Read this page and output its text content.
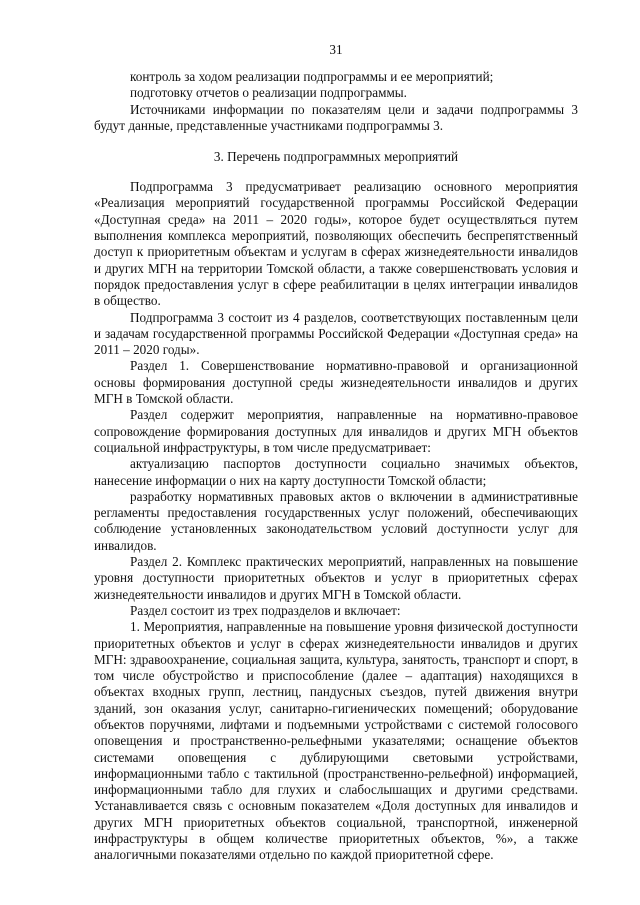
31

контроль за ходом реализации подпрограммы и ее мероприятий;

подготовку отчетов о реализации подпрограммы.

Источниками информации по показателям цели и задачи подпрограммы 3 будут данные, представленные участниками подпрограммы 3.

3. Перечень подпрограммных мероприятий

Подпрограмма 3 предусматривает реализацию основного мероприятия «Реализация мероприятий государственной программы Российской Федерации «Доступная среда» на 2011 – 2020 годы», которое будет осуществляться путем выполнения комплекса мероприятий, позволяющих обеспечить беспрепятственный доступ к приоритетным объектам и услугам в сферах жизнедеятельности инвалидов и других МГН на территории Томской области, а также совершенствовать условия и порядок предоставления услуг в сфере реабилитации в целях интеграции инвалидов в общество.

Подпрограмма 3 состоит из 4 разделов, соответствующих поставленным цели и задачам государственной программы Российской Федерации «Доступная среда» на 2011 – 2020 годы».

Раздел 1. Совершенствование нормативно-правовой и организационной основы формирования доступной среды жизнедеятельности инвалидов и других МГН в Томской области.

Раздел содержит мероприятия, направленные на нормативно-правовое сопровождение формирования доступных для инвалидов и других МГН объектов социальной инфраструктуры, в том числе предусматривает:

актуализацию паспортов доступности социально значимых объектов, нанесение информации о них на карту доступности Томской области;

разработку нормативных правовых актов о включении в административные регламенты предоставления государственных услуг положений, обеспечивающих соблюдение установленных законодательством условий доступности услуг для инвалидов.

Раздел 2. Комплекс практических мероприятий, направленных на повышение уровня доступности приоритетных объектов и услуг в приоритетных сферах жизнедеятельности инвалидов и других МГН в Томской области.

Раздел состоит из трех подразделов и включает:

1. Мероприятия, направленные на повышение уровня физической доступности приоритетных объектов и услуг в сферах жизнедеятельности инвалидов и других МГН: здравоохранение, социальная защита, культура, занятость, транспорт и спорт, в том числе обустройство и приспособление (далее – адаптация) находящихся в объектах входных групп, лестниц, пандусных съездов, путей движения внутри зданий, зон оказания услуг, санитарно-гигиенических помещений; оборудование объектов поручнями, лифтами и подъемными устройствами с системой голосового оповещения и пространственно-рельефными указателями; оснащение объектов системами оповещения с дублирующими световыми устройствами, информационными табло с тактильной (пространственно-рельефной) информацией, информационными табло для глухих и слабослышащих и другими средствами. Устанавливается связь с основным показателем «Доля доступных для инвалидов и других МГН приоритетных объектов социальной, транспортной, инженерной инфраструктуры в общем количестве приоритетных объектов, %», а также аналогичными показателями отдельно по каждой приоритетной сфере.
